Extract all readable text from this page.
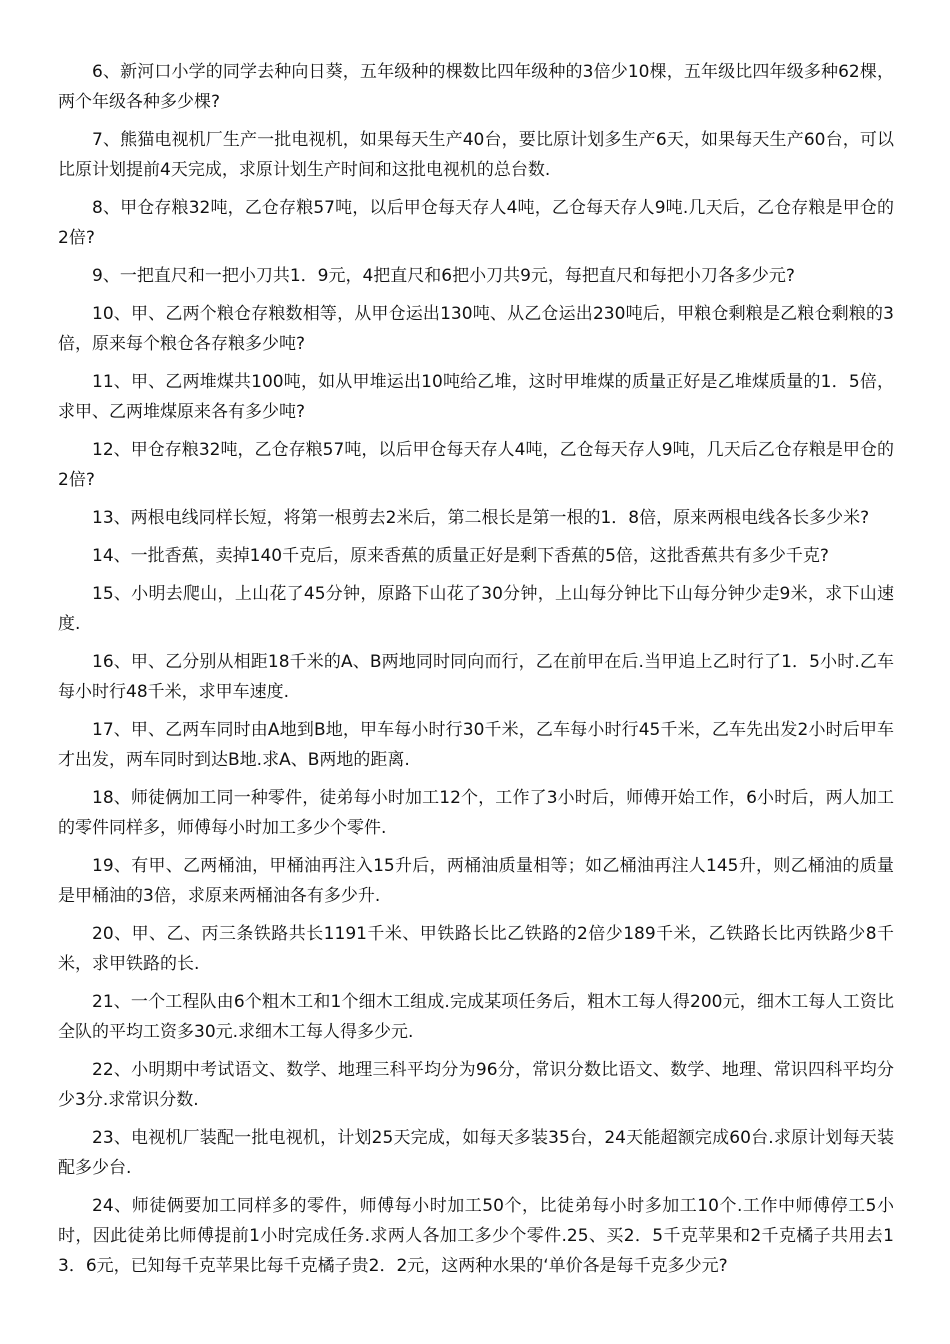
6、新河口小学的同学去种向日葵，五年级种的棵数比四年级种的3倍少10棵，五年级比四年级多种62棵，两个年级各种多少棵?

7、熊猫电视机厂生产一批电视机，如果每天生产40台，要比原计划多生产6天，如果每天生产60台，可以比原计划提前4天完成，求原计划生产时间和这批电视机的总台数.

8、甲仓存粮32吨，乙仓存粮57吨，以后甲仓每天存人4吨，乙仓每天存人9吨.几天后，乙仓存粮是甲仓的2倍?

9、一把直尺和一把小刀共1．9元，4把直尺和6把小刀共9元，每把直尺和每把小刀各多少元?

10、甲、乙两个粮仓存粮数相等，从甲仓运出130吨、从乙仓运出230吨后，甲粮仓剩粮是乙粮仓剩粮的3倍，原来每个粮仓各存粮多少吨?

11、甲、乙两堆煤共100吨，如从甲堆运出10吨给乙堆，这时甲堆煤的质量正好是乙堆煤质量的1．5倍，求甲、乙两堆煤原来各有多少吨?

12、甲仓存粮32吨，乙仓存粮57吨，以后甲仓每天存人4吨，乙仓每天存人9吨，几天后乙仓存粮是甲仓的2倍?

13、两根电线同样长短，将第一根剪去2米后，第二根长是第一根的1．8倍，原来两根电线各长多少米?

14、一批香蕉，卖掉140千克后，原来香蕉的质量正好是剩下香蕉的5倍，这批香蕉共有多少千克?

15、小明去爬山，上山花了45分钟，原路下山花了30分钟，上山每分钟比下山每分钟少走9米，求下山速度.

16、甲、乙分别从相距18千米的A、B两地同时同向而行，乙在前甲在后.当甲追上乙时行了1．5小时.乙车每小时行48千米，求甲车速度.

17、甲、乙两车同时由A地到B地，甲车每小时行30千米，乙车每小时行45千米，乙车先出发2小时后甲车才出发，两车同时到达B地.求A、B两地的距离.

18、师徒俩加工同一种零件，徒弟每小时加工12个，工作了3小时后，师傅开始工作，6小时后，两人加工的零件同样多，师傅每小时加工多少个零件.

19、有甲、乙两桶油，甲桶油再注入15升后，两桶油质量相等；如乙桶油再注人145升，则乙桶油的质量是甲桶油的3倍，求原来两桶油各有多少升.

20、甲、乙、丙三条铁路共长1191千米、甲铁路长比乙铁路的2倍少189千米，乙铁路长比丙铁路少8千米，求甲铁路的长.

21、一个工程队由6个粗木工和1个细木工组成.完成某项任务后，粗木工每人得200元，细木工每人工资比全队的平均工资多30元.求细木工每人得多少元.

22、小明期中考试语文、数学、地理三科平均分为96分，常识分数比语文、数学、地理、常识四科平均分少3分.求常识分数.

23、电视机厂装配一批电视机，计划25天完成，如每天多装35台，24天能超额完成60台.求原计划每天装配多少台.

24、师徒俩要加工同样多的零件，师傅每小时加工50个，比徒弟每小时多加工10个.工作中师傅停工5小时，因此徒弟比师傅提前1小时完成任务.求两人各加工多少个零件.25、买2．5千克苹果和2千克橘子共用去13．6元，已知每千克苹果比每千克橘子贵2．2元，这两种水果的‘单价各是每千克多少元?
